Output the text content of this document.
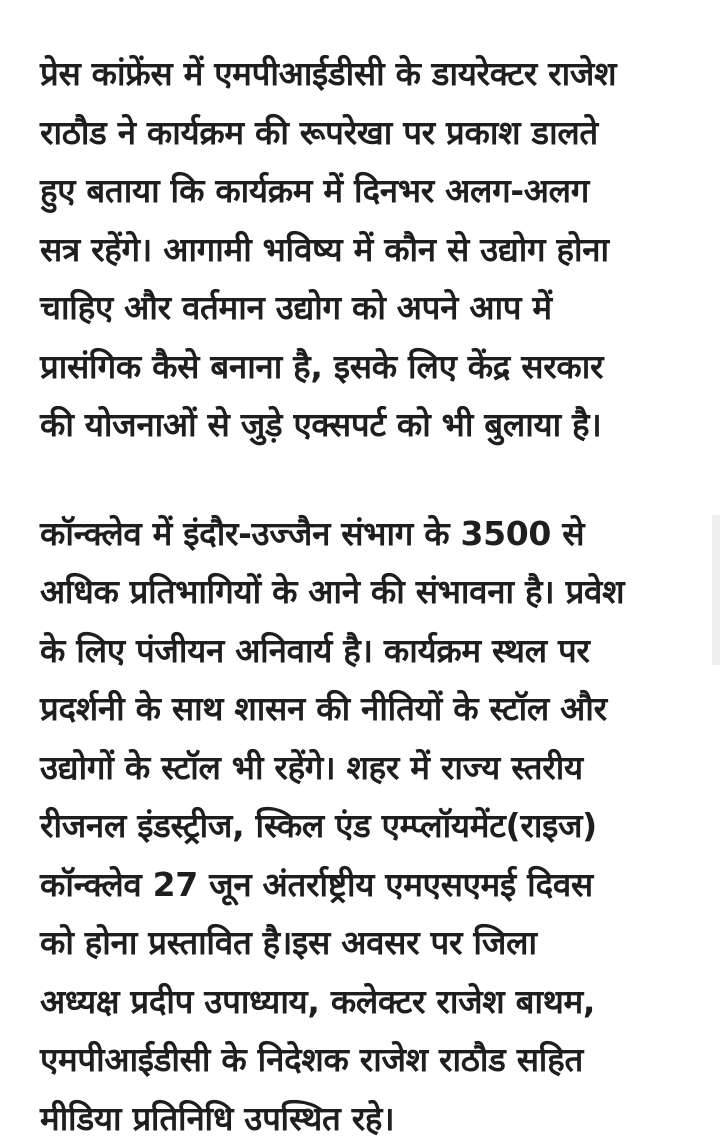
प्रेस कांफ्रेंस में एमपीआईडीसी के डायरेक्टर राजेश
राठौड ने कार्यक्रम की रूपरेखा पर प्रकाश डालते
हुए बताया कि कार्यक्रम में दिनभर अलग-अलग
सत्र रहेंगे। आगामी भविष्य में कौन से उद्योग होना
चाहिए और वर्तमान उद्योग को अपने आप में
प्रासंगिक कैसे बनाना है, इसके लिए केंद्र सरकार
की योजनाओं से जुड़े एक्सपर्ट को भी बुलाया है।
कॉन्क्लेव में इंदौर-उज्जैन संभाग के 3500 से
अधिक प्रतिभागियों के आने की संभावना है। प्रवेश
के लिए पंजीयन अनिवार्य है। कार्यक्रम स्थल पर
प्रदर्शनी के साथ शासन की नीतियों के स्टॉल और
उद्योगों के स्टॉल भी रहेंगे। शहर में राज्य स्तरीय
रीजनल इंडस्ट्रीज, स्किल एंड एम्प्लॉयमेंट(राइज)
कॉन्क्लेव 27 जून अंतर्राष्ट्रीय एमएसएमई दिवस
को होना प्रस्तावित है।इस अवसर पर जिला
अध्यक्ष प्रदीप उपाध्याय, कलेक्टर राजेश बाथम,
एमपीआईडीसी के निदेशक राजेश राठौड सहित
मीडिया प्रतिनिधि उपस्थित रहे।
